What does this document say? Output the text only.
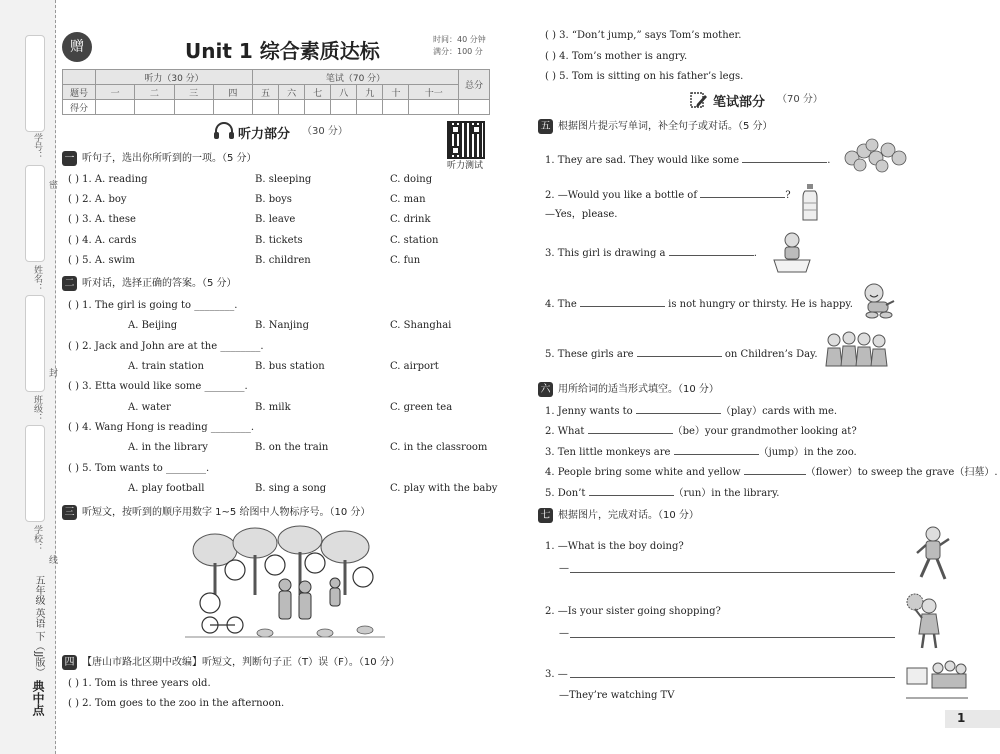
学号：
密
姓名：
封
班级：
学校：
线
五年级 英语 下（JJ版）
典中点
赠	Unit 1 综合素质达标	时间：40 分钟
满分：100 分
	听力（30 分）				笔试（70 分）							总分
题号	一	二	三	四	五	六	七	八	九	十	十一	
得分												
听力部分 （30 分）
听力测试
一 听句子，选出你所听到的一项。（5 分）
( ) 1. A. reading	B. sleeping	C. doing
( ) 2. A. boy	B. boys	C. man
( ) 3. A. these	B. leave	C. drink
( ) 4. A. cards	B. tickets	C. station
( ) 5. A. swim	B. children	C. fun
二 听对话，选择正确的答案。（5 分）
( ) 1. The girl is going to ________.
A. Beijing	B. Nanjing	C. Shanghai
( ) 2. Jack and John are at the ________.
A. train station	B. bus station	C. airport
( ) 3. Etta would like some ________.
A. water	B. milk	C. green tea
( ) 4. Wang Hong is reading ________.
A. in the library	B. on the train	C. in the classroom
( ) 5. Tom wants to ________.
A. play football	B. sing a song	C. play with the baby
三 听短文，按听到的顺序用数字 1~5 给图中人物标序号。（10 分）
四 【唐山市路北区期中改编】听短文，判断句子正（T）误（F）。（10 分）
( ) 1. Tom is three years old.
( ) 2. Tom goes to the zoo in the afternoon.
( ) 3. “Don’t jump,” says Tom’s mother.
( ) 4. Tom’s mother is angry.
( ) 5. Tom is sitting on his father’s legs.
笔试部分 （70 分）
五 根据图片提示写单词，补全句子或对话。（5 分）
1. They are sad. They would like some	.
2. —Would you like a bottle of	?
—Yes，please.
3. This girl is drawing a	.
4. The	is not hungry or thirsty. He is happy.
5. These girls are	on Children’s Day.
六 用所给词的适当形式填空。（10 分）
1. Jenny wants to	（play）cards with me.
2. What	（be）your grandmother looking at?
3. Ten little monkeys are	（jump）in the zoo.
4. People bring some white and yellow	（flower）to sweep the grave（扫墓）.
5. Don’t	（run）in the library.
七 根据图片，完成对话。（10 分）
1. —What is the boy doing?
—
2. —Is your sister going shopping?
—
3. —
—They’re watching TV
1
